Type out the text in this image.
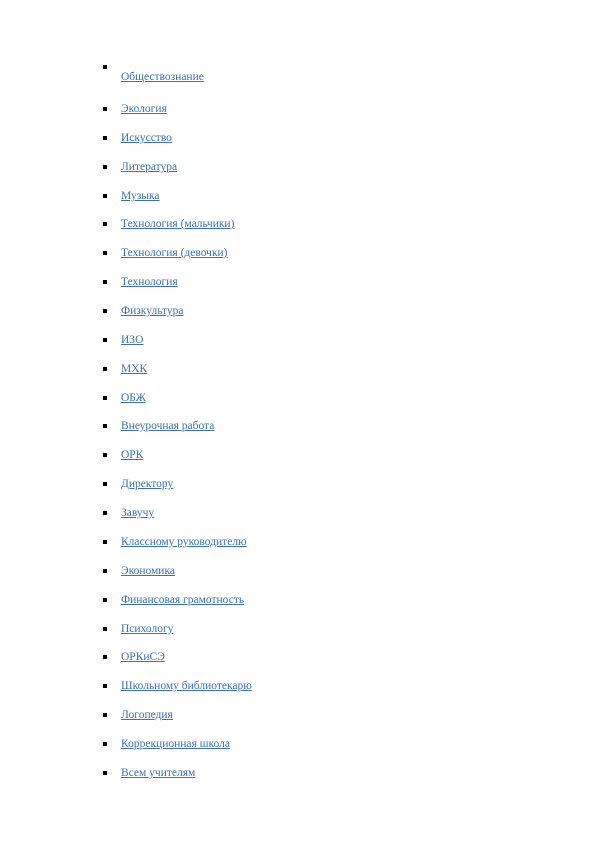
Обществознание
Экология
Искусство
Литература
Музыка
Технология (мальчики)
Технология (девочки)
Технология
Физкультура
ИЗО
МХК
ОБЖ
Внеурочная работа
ОРК
Директору
Завучу
Классному руководителю
Экономика
Финансовая грамотность
Психологу
ОРКиСЭ
Школьному библиотекарю
Логопедия
Коррекционная школа
Всем учителям
